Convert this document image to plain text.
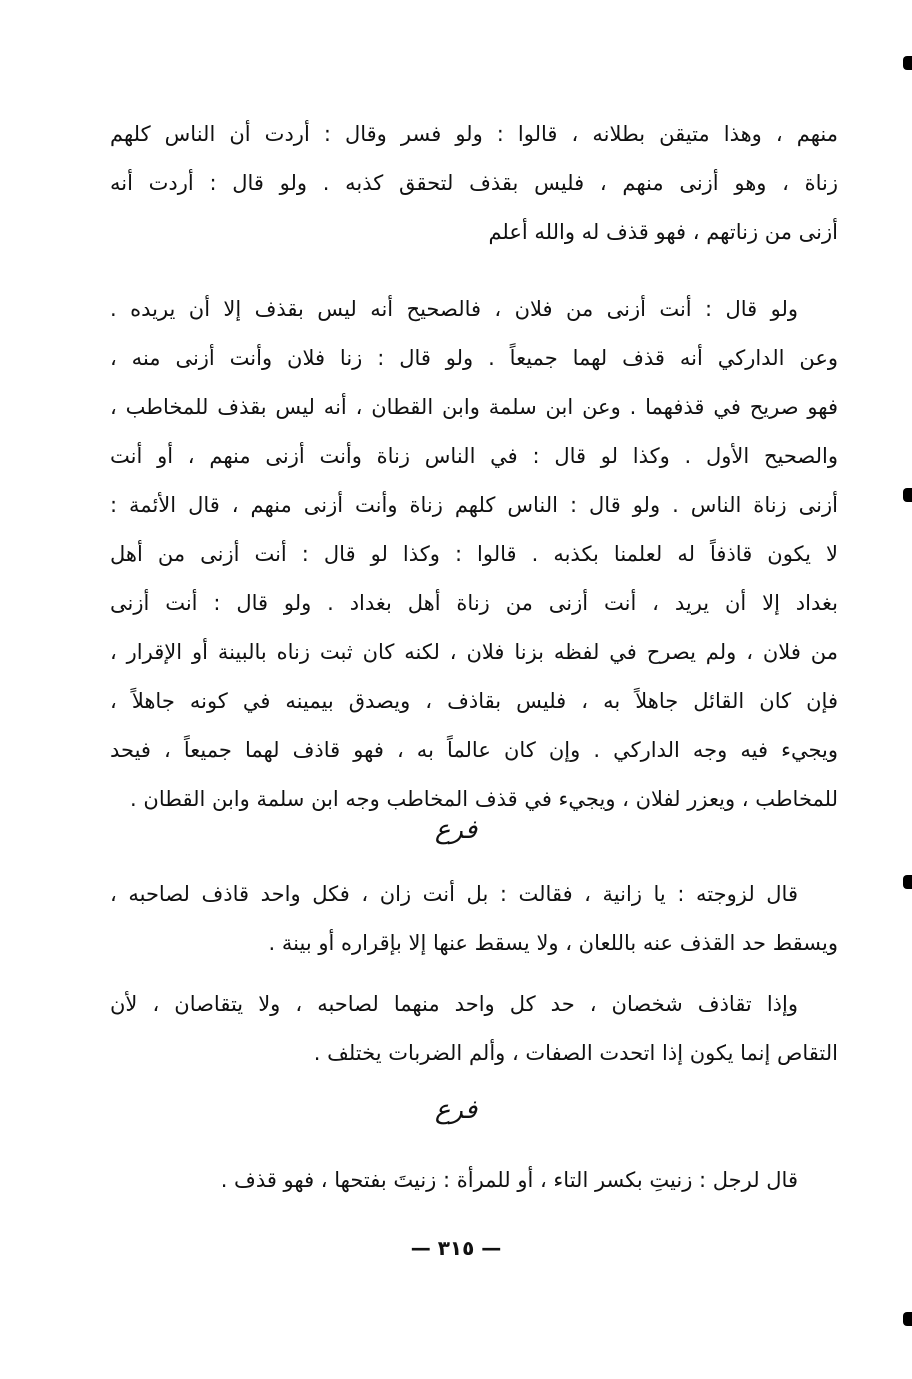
منهم ، وهذا متيقن بطلانه ، قالوا : ولو فسر وقال : أردت أن الناس كلهم
زناة ، وهو أزنى منهم ، فليس بقذف لتحقق كذبه . ولو قال : أردت أنه
أزنى من زناتهم ، فهو قذف له والله أعلم
ولو قال : أنت أزنى من فلان ، فالصحيح أنه ليس بقذف إلا أن يريده .
وعن الداركي أنه قذف لهما جميعاً . ولو قال : زنا فلان وأنت أزنى منه ،
فهو صريح في قذفهما . وعن ابن سلمة وابن القطان ، أنه ليس بقذف للمخاطب ،
والصحيح الأول . وكذا لو قال : في الناس زناة وأنت أزنى منهم ، أو أنت
أزنى زناة الناس . ولو قال : الناس كلهم زناة وأنت أزنى منهم ، قال الأئمة :
لا يكون قاذفاً له لعلمنا بكذبه . قالوا : وكذا لو قال : أنت أزنى من أهل
بغداد إلا أن يريد ، أنت أزنى من زناة أهل بغداد . ولو قال : أنت أزنى
من فلان ، ولم يصرح في لفظه بزنا فلان ، لكنه كان ثبت زناه بالبينة أو الإقرار ،
فإن كان القائل جاهلاً به ، فليس بقاذف ، ويصدق بيمينه في كونه جاهلاً ،
ويجيء فيه وجه الداركي . وإن كان عالماً به ، فهو قاذف لهما جميعاً ، فيحد
للمخاطب ، ويعزر لفلان ، ويجيء في قذف المخاطب وجه ابن سلمة وابن القطان .
فرع
قال لزوجته : يا زانية ، فقالت : بل أنت زان ، فكل واحد قاذف لصاحبه ،
ويسقط حد القذف عنه باللعان ، ولا يسقط عنها إلا بإقراره أو بينة .
وإذا تقاذف شخصان ، حد كل واحد منهما لصاحبه ، ولا يتقاصان ، لأن
التقاص إنما يكون إذا اتحدت الصفات ، وألم الضربات يختلف .
فرع
قال لرجل : زنيتِ بكسر التاء ، أو للمرأة : زنيتَ بفتحها ، فهو قذف .
— ٣١٥ —
